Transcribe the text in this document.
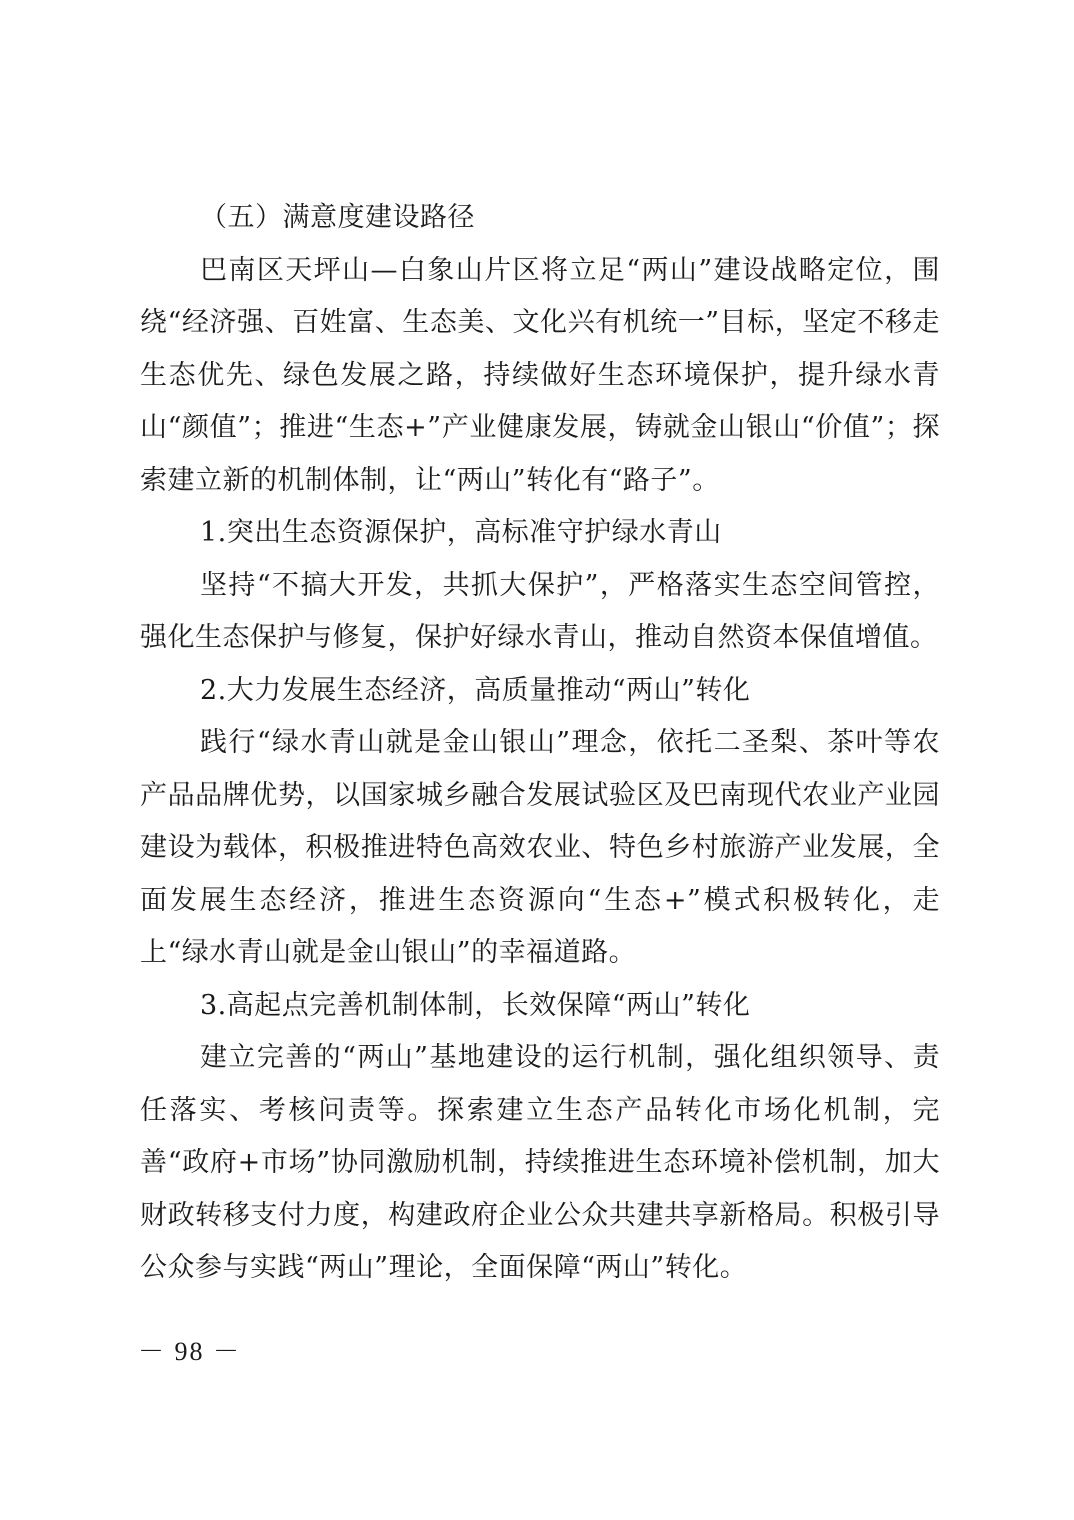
（五）满意度建设路径

巴南区天坪山—白象山片区将立足“两山”建设战略定位，围绕“经济强、百姓富、生态美、文化兴有机统一”目标，坚定不移走生态优先、绿色发展之路，持续做好生态环境保护，提升绿水青山“颜值”；推进“生态+”产业健康发展，铸就金山银山“价值”；探索建立新的机制体制，让“两山”转化有“路子”。

1.突出生态资源保护，高标准守护绿水青山

坚持“不搞大开发，共抓大保护”，严格落实生态空间管控，强化生态保护与修复，保护好绿水青山，推动自然资本保值增值。

2.大力发展生态经济，高质量推动“两山”转化

践行“绿水青山就是金山银山”理念，依托二圣梨、茶叶等农产品品牌优势，以国家城乡融合发展试验区及巴南现代农业产业园建设为载体，积极推进特色高效农业、特色乡村旅游产业发展，全面发展生态经济，推进生态资源向“生态+”模式积极转化，走上“绿水青山就是金山银山”的幸福道路。

3.高起点完善机制体制，长效保障“两山”转化

建立完善的“两山”基地建设的运行机制，强化组织领导、责任落实、考核问责等。探索建立生态产品转化市场化机制，完善“政府+市场”协同激励机制，持续推进生态环境补偿机制，加大财政转移支付力度，构建政府企业公众共建共享新格局。积极引导公众参与实践“两山”理论，全面保障“两山”转化。

－ 98 －
